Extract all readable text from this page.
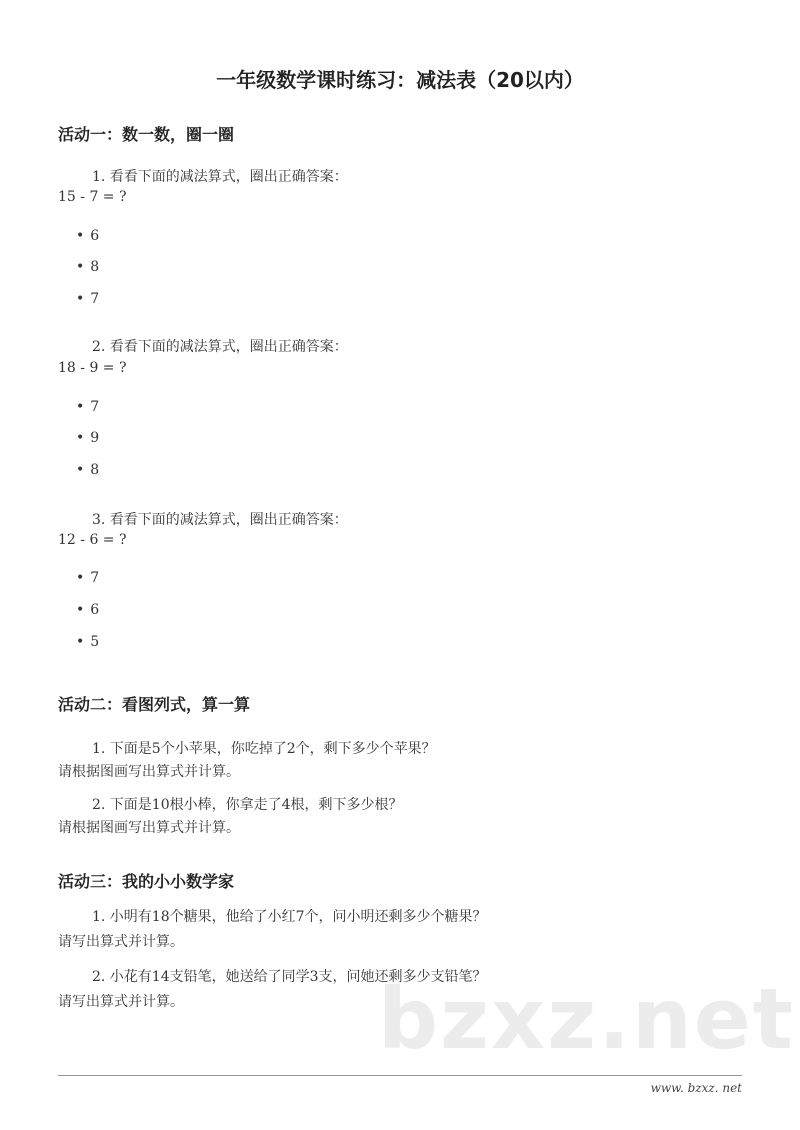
bzxz.net
一年级数学课时练习：减法表（20以内）
活动一：数一数，圈一圈
1. 看看下面的减法算式，圈出正确答案：
15 - 7 = ?
• 6
• 8
• 7
2. 看看下面的减法算式，圈出正确答案：
18 - 9 = ?
• 7
• 9
• 8
3. 看看下面的减法算式，圈出正确答案：
12 - 6 = ?
• 7
• 6
• 5
活动二：看图列式，算一算
1. 下面是5个小苹果，你吃掉了2个，剩下多少个苹果？
请根据图画写出算式并计算。
2. 下面是10根小棒，你拿走了4根，剩下多少根？
请根据图画写出算式并计算。
活动三：我的小小数学家
1. 小明有18个糖果，他给了小红7个，问小明还剩多少个糖果？
请写出算式并计算。
2. 小花有14支铅笔，她送给了同学3支，问她还剩多少支铅笔？
请写出算式并计算。
www. bzxz. net
